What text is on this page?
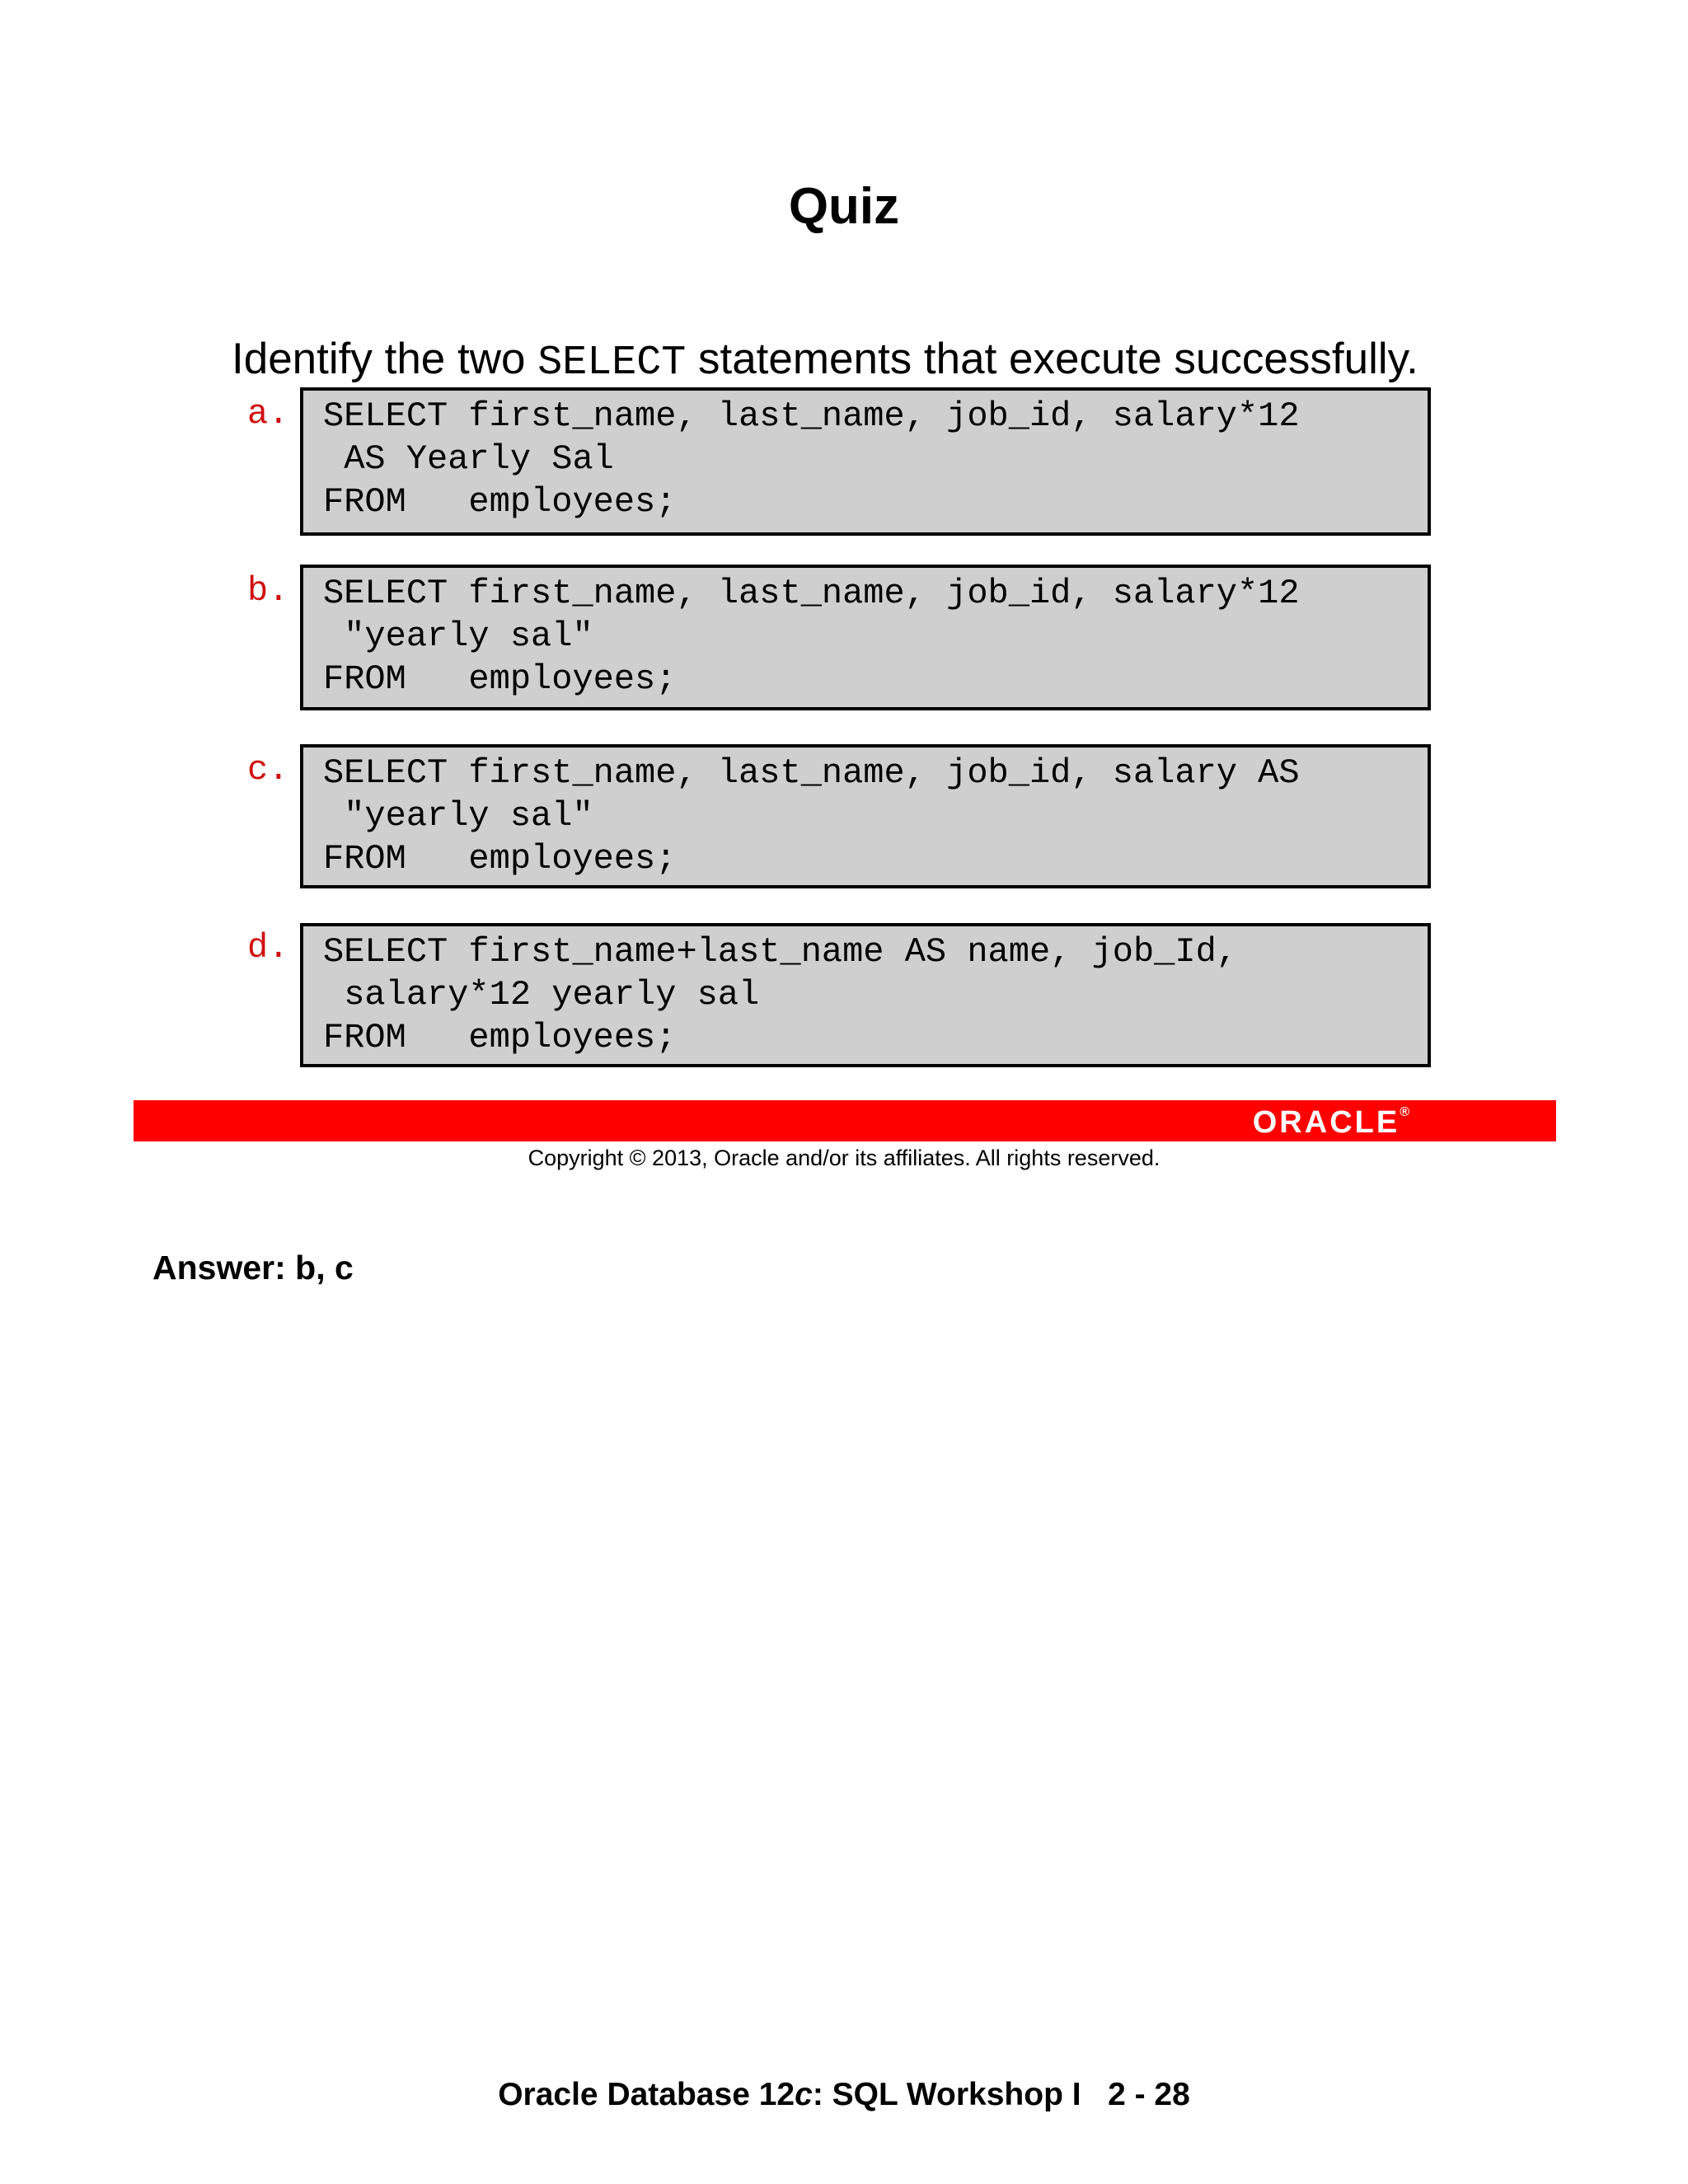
Quiz
Identify the two SELECT statements that execute successfully.
a. SELECT first_name, last_name, job_id, salary*12
AS Yearly Sal
FROM   employees;
b. SELECT first_name, last_name, job_id, salary*12
"yearly sal"
FROM   employees;
c. SELECT first_name, last_name, job_id, salary AS
"yearly sal"
FROM   employees;
d. SELECT first_name+last_name AS name, job_Id,
salary*12 yearly sal
FROM   employees;
ORACLE®
Copyright © 2013, Oracle and/or its affiliates. All rights reserved.
Answer: b, c
Oracle Database 12c: SQL Workshop I   2 - 28
